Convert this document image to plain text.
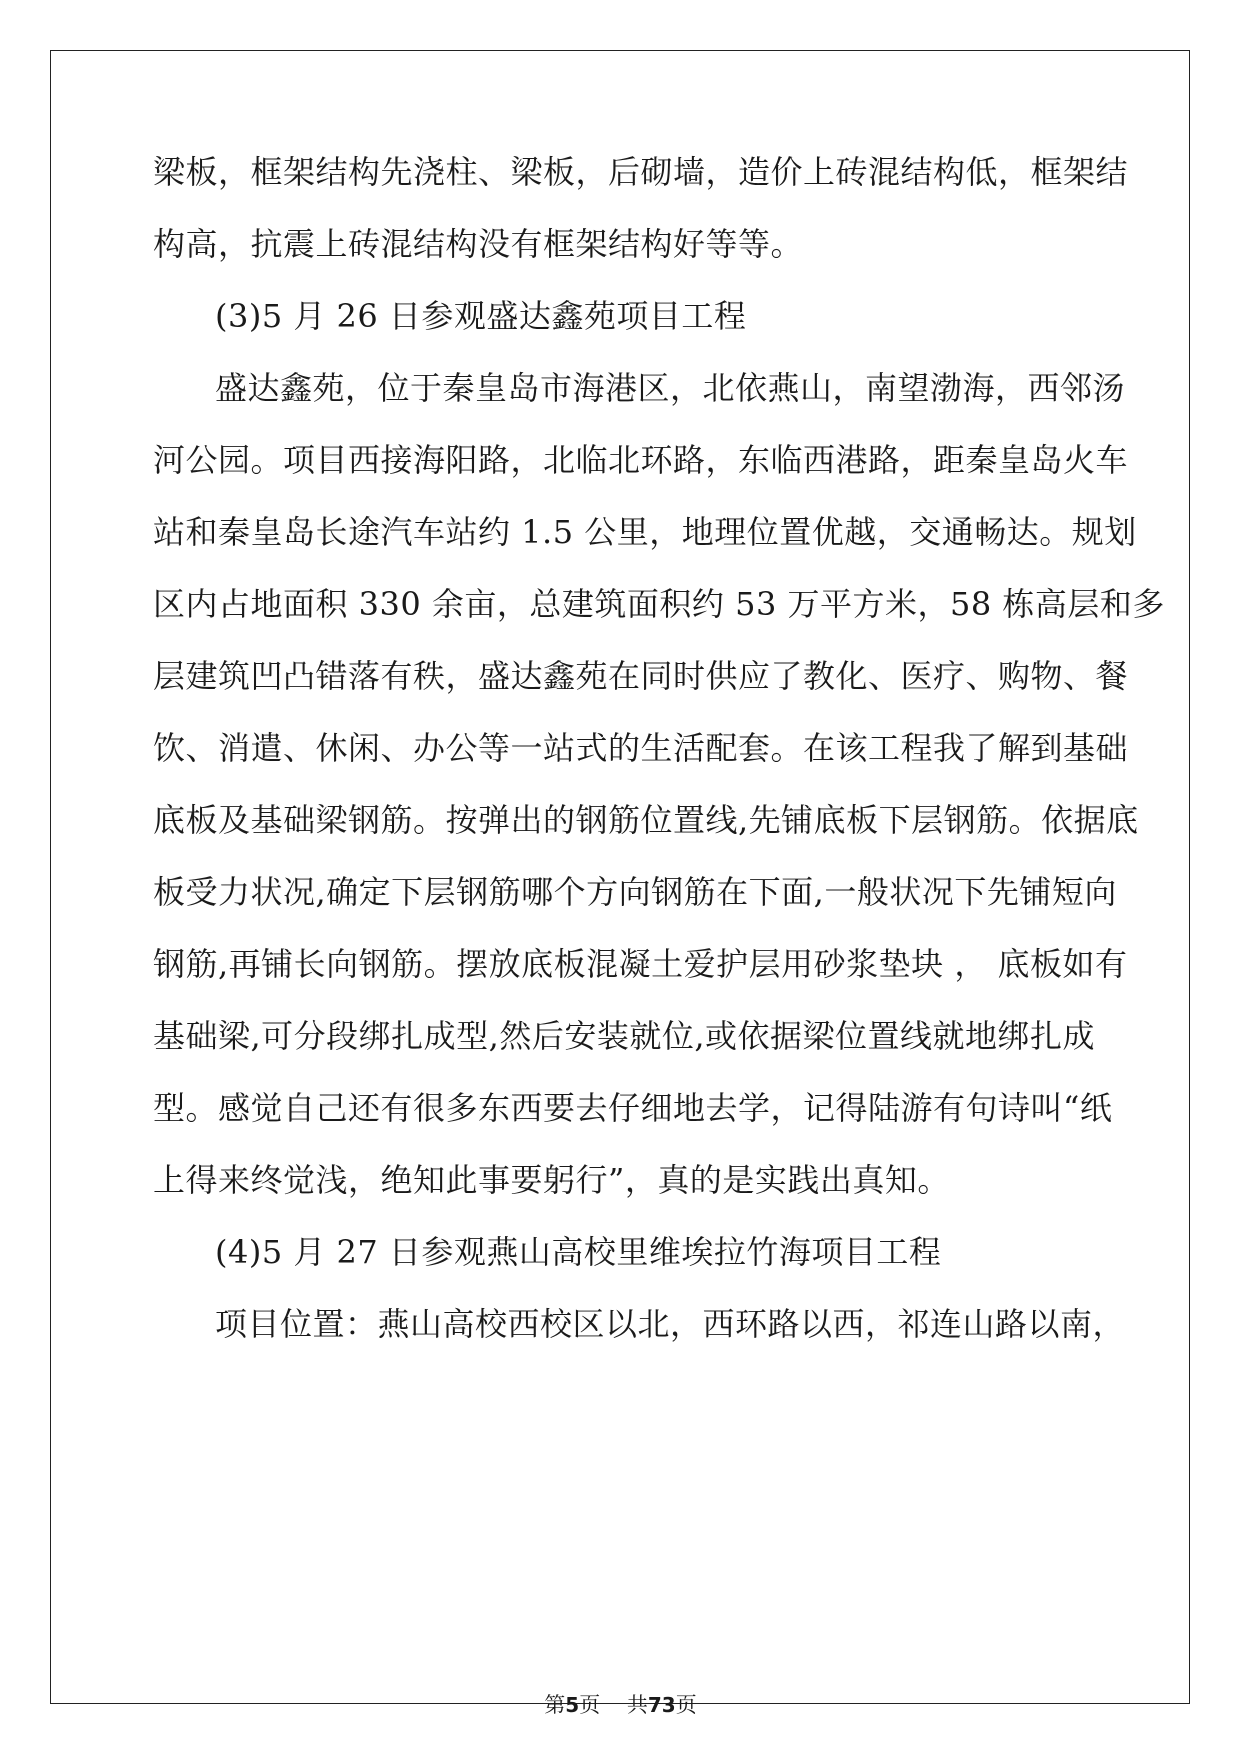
梁板，框架结构先浇柱、梁板，后砌墙，造价上砖混结构低，框架结
构高，抗震上砖混结构没有框架结构好等等。
(3)5 月 26 日参观盛达鑫苑项目工程
盛达鑫苑，位于秦皇岛市海港区，北依燕山，南望渤海，西邻汤
河公园。项目西接海阳路，北临北环路，东临西港路，距秦皇岛火车
站和秦皇岛长途汽车站约 1.5 公里，地理位置优越，交通畅达。规划
区内占地面积 330 余亩，总建筑面积约 53 万平方米，58 栋高层和多
层建筑凹凸错落有秩，盛达鑫苑在同时供应了教化、医疗、购物、餐
饮、消遣、休闲、办公等一站式的生活配套。在该工程我了解到基础
底板及基础梁钢筋。按弹出的钢筋位置线,先铺底板下层钢筋。依据底
板受力状况,确定下层钢筋哪个方向钢筋在下面,一般状况下先铺短向
钢筋,再铺长向钢筋。摆放底板混凝土爱护层用砂浆垫块 ， 底板如有
基础梁,可分段绑扎成型,然后安装就位,或依据梁位置线就地绑扎成
型。感觉自己还有很多东西要去仔细地去学，记得陆游有句诗叫“纸
上得来终觉浅，绝知此事要躬行”，真的是实践出真知。
(4)5 月 27 日参观燕山高校里维埃拉竹海项目工程
项目位置：燕山高校西校区以北，西环路以西，祁连山路以南，
第5页 共73页
